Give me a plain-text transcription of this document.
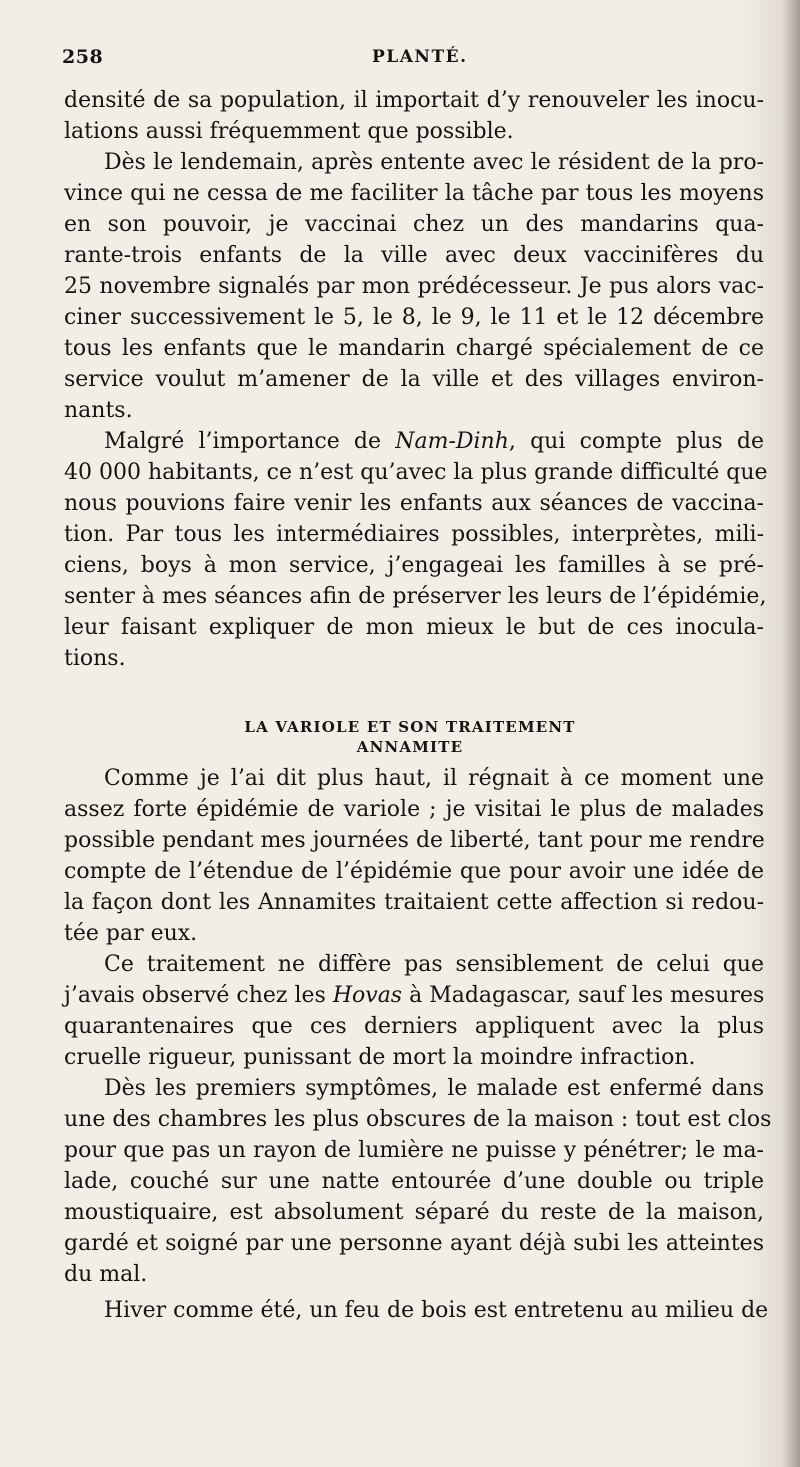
258	PLANTÉ.
densité de sa population, il importait d’y renouveler les inocu-
lations aussi fréquemment que possible.
Dès le lendemain, après entente avec le résident de la pro-
vince qui ne cessa de me faciliter la tâche par tous les moyens
en son pouvoir, je vaccinai chez un des mandarins qua-
rante-trois enfants de la ville avec deux vaccinifères du
25 novembre signalés par mon prédécesseur. Je pus alors vac-
ciner successivement le 5, le 8, le 9, le 11 et le 12 décembre
tous les enfants que le mandarin chargé spécialement de ce
service voulut m’amener de la ville et des villages environ-
nants.
Malgré l’importance de Nam-Dinh, qui compte plus de
40 000 habitants, ce n’est qu’avec la plus grande difficulté que
nous pouvions faire venir les enfants aux séances de vaccina-
tion. Par tous les intermédiaires possibles, interprètes, mili-
ciens, boys à mon service, j’engageai les familles à se pré-
senter à mes séances afin de préserver les leurs de l’épidémie,
leur faisant expliquer de mon mieux le but de ces inocula-
tions.
LA VARIOLE ET SON TRAITEMENT ANNAMITE
Comme je l’ai dit plus haut, il régnait à ce moment une
assez forte épidémie de variole ; je visitai le plus de malades
possible pendant mes journées de liberté, tant pour me rendre
compte de l’étendue de l’épidémie que pour avoir une idée de
la façon dont les Annamites traitaient cette affection si redou-
tée par eux.
Ce traitement ne diffère pas sensiblement de celui que
j’avais observé chez les Hovas à Madagascar, sauf les mesures
quarantenaires que ces derniers appliquent avec la plus
cruelle rigueur, punissant de mort la moindre infraction.
Dès les premiers symptômes, le malade est enfermé dans
une des chambres les plus obscures de la maison : tout est clos
pour que pas un rayon de lumière ne puisse y pénétrer; le ma-
lade, couché sur une natte entourée d’une double ou triple
moustiquaire, est absolument séparé du reste de la maison,
gardé et soigné par une personne ayant déjà subi les atteintes
du mal.
Hiver comme été, un feu de bois est entretenu au milieu de
